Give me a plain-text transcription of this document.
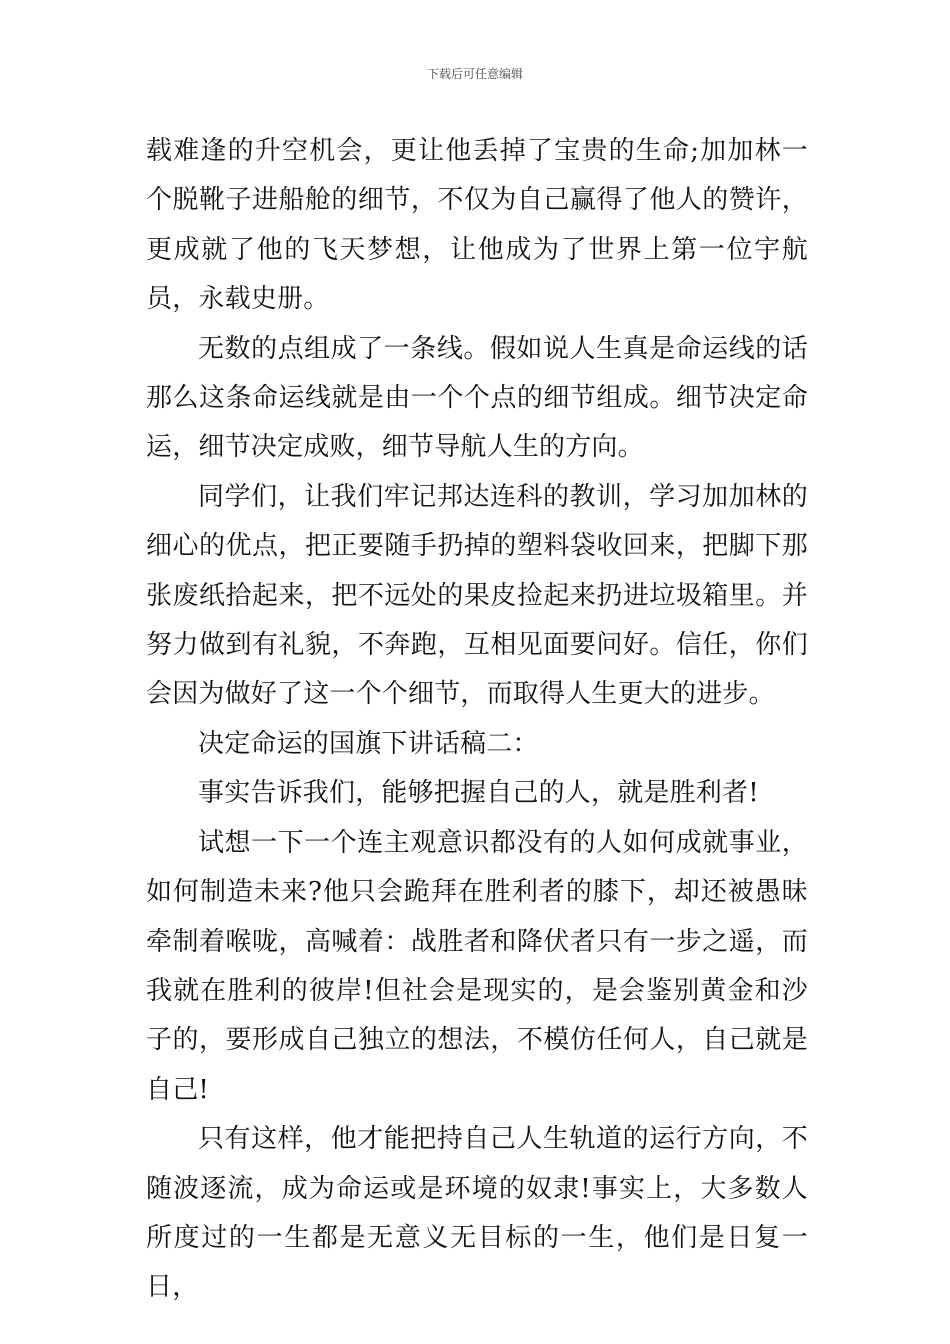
下载后可任意编辑

载难逢的升空机会，更让他丢掉了宝贵的生命;加加林一个脱靴子进船舱的细节，不仅为自己赢得了他人的赞许，更成就了他的飞天梦想，让他成为了世界上第一位宇航员，永载史册。

无数的点组成了一条线。假如说人生真是命运线的话那么这条命运线就是由一个个点的细节组成。细节决定命运，细节决定成败，细节导航人生的方向。

同学们，让我们牢记邦达连科的教训，学习加加林的细心的优点，把正要随手扔掉的塑料袋收回来，把脚下那张废纸拾起来，把不远处的果皮捡起来扔进垃圾箱里。并努力做到有礼貌，不奔跑，互相见面要问好。信任，你们会因为做好了这一个个细节，而取得人生更大的进步。

决定命运的国旗下讲话稿二：

事实告诉我们，能够把握自己的人，就是胜利者!

试想一下一个连主观意识都没有的人如何成就事业，如何制造未来?他只会跪拜在胜利者的膝下，却还被愚昧牵制着喉咙，高喊着：战胜者和降伏者只有一步之遥，而我就在胜利的彼岸!但社会是现实的，是会鉴别黄金和沙子的，要形成自己独立的想法，不模仿任何人，自己就是自己!

只有这样，他才能把持自己人生轨道的运行方向，不随波逐流，成为命运或是环境的奴隶!事实上，大多数人所度过的一生都是无意义无目标的一生，他们是日复一日，
